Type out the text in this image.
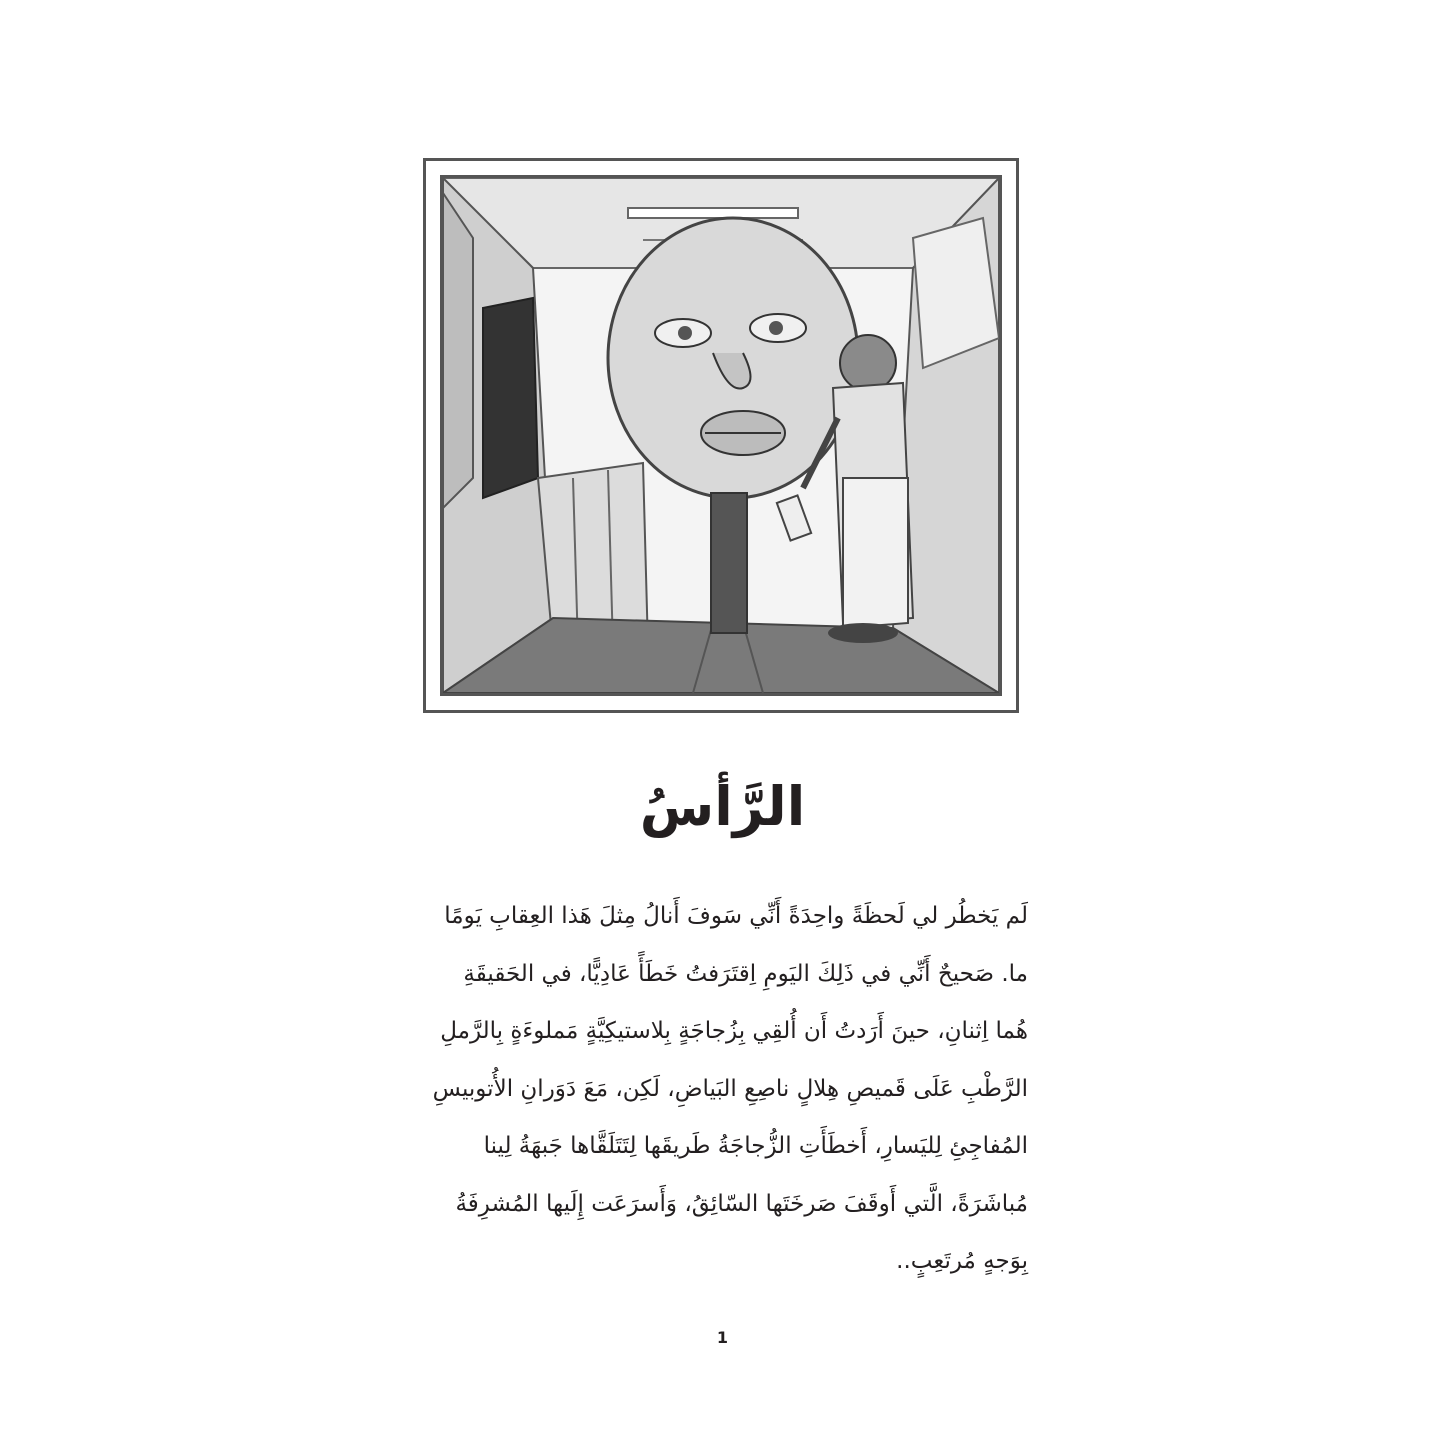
الرَّأسُ
لَم يَخطُر لي لَحظَةً واحِدَةً أَنِّي سَوفَ أَنالُ مِثلَ هَذا العِقابِ يَومًا
ما. صَحيحٌ أَنِّي في ذَلِكَ اليَومِ اِقتَرَفتُ خَطَأً عَادِيًّا، في الحَقيقَةِ
هُما اِثنانِ، حينَ أَرَدتُ أَن أُلقِي بِزُجاجَةٍ بِلاستيكِيَّةٍ مَملوءَةٍ بِالرَّملِ
الرَّطْبِ عَلَى قَميصِ هِلالٍ ناصِعِ البَياضِ، لَكِن، مَعَ دَوَرانِ الأُتوبيسِ
المُفاجِئِ لِليَسارِ، أَخطَأَتِ الزُّجاجَةُ طَريقَها لِتَتَلَقَّاها جَبهَةُ لِينا
مُباشَرَةً، الَّتي أَوقَفَ صَرخَتَها السّائِقُ، وَأَسرَعَت إِلَيها المُشرِفَةُ
بِوَجهٍ مُرتَعِبٍ..
1
